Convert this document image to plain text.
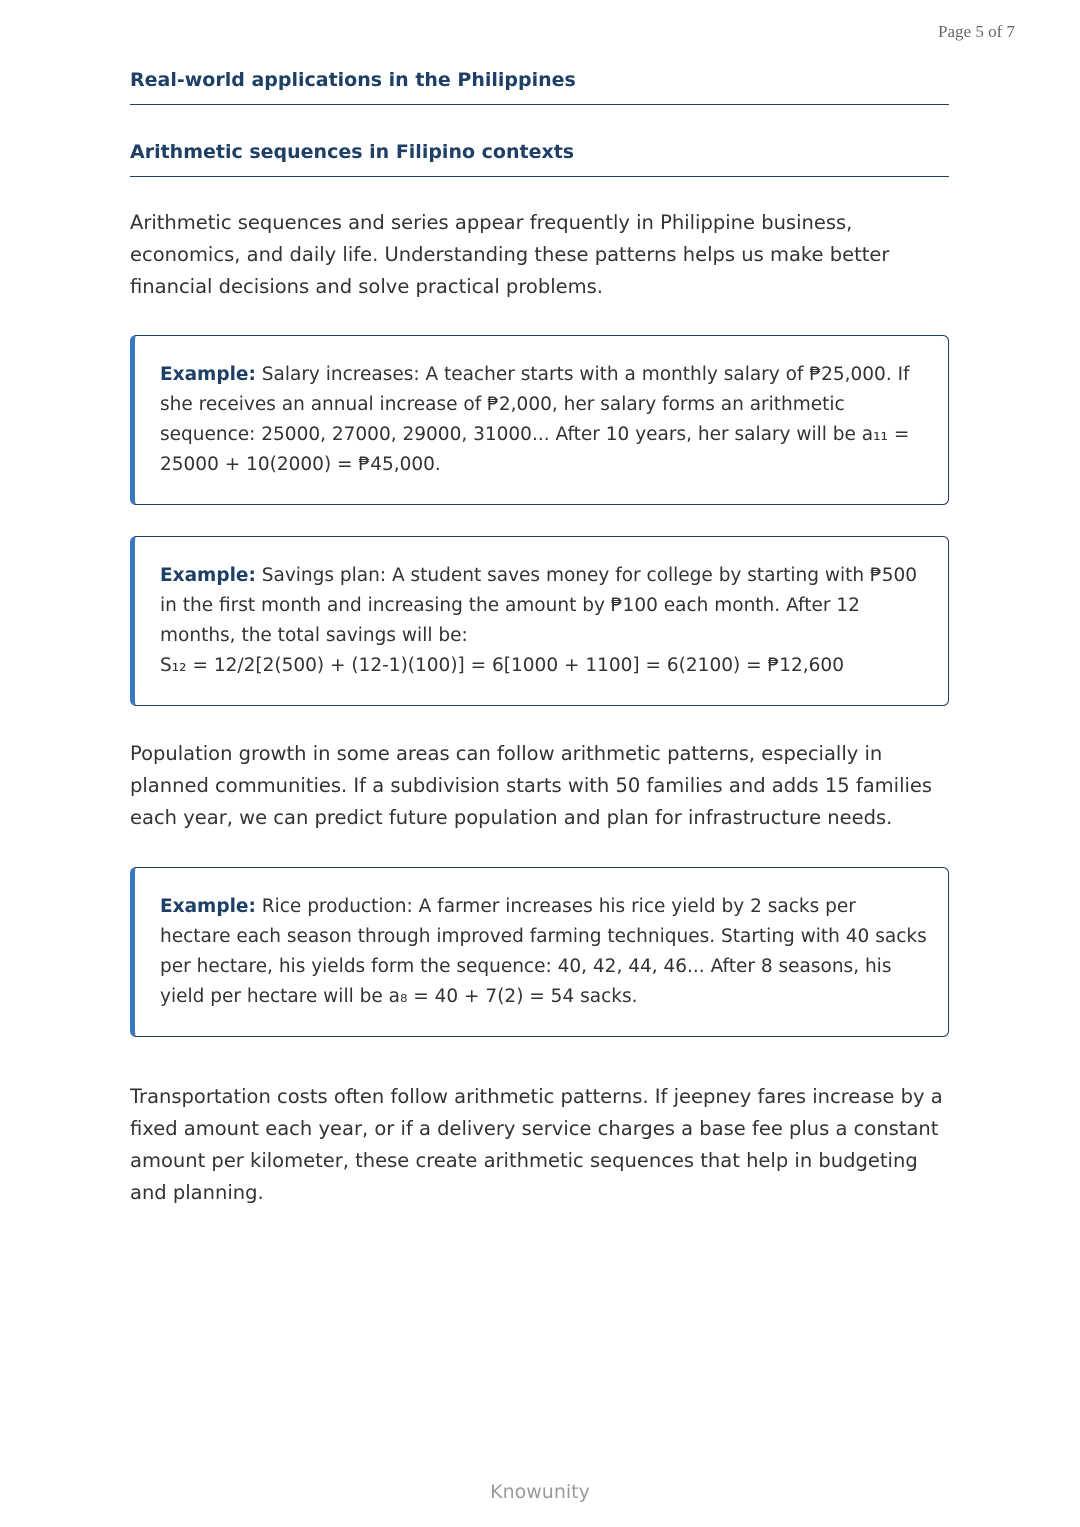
Page 5 of 7
Real-world applications in the Philippines
Arithmetic sequences in Filipino contexts

Arithmetic sequences and series appear frequently in Philippine business, economics, and daily life. Understanding these patterns helps us make better financial decisions and solve practical problems.

Example: Salary increases: A teacher starts with a monthly salary of ₱25,000. If she receives an annual increase of ₱2,000, her salary forms an arithmetic sequence: 25000, 27000, 29000, 31000... After 10 years, her salary will be a₁₁ = 25000 + 10(2000) = ₱45,000.
Example: Savings plan: A student saves money for college by starting with ₱500 in the first month and increasing the amount by ₱100 each month. After 12 months, the total savings will be:
S₁₂ = 12/2[2(500) + (12-1)(100)] = 6[1000 + 1100] = 6(2100) = ₱12,600

Population growth in some areas can follow arithmetic patterns, especially in planned communities. If a subdivision starts with 50 families and adds 15 families each year, we can predict future population and plan for infrastructure needs.

Example: Rice production: A farmer increases his rice yield by 2 sacks per hectare each season through improved farming techniques. Starting with 40 sacks per hectare, his yields form the sequence: 40, 42, 44, 46... After 8 seasons, his yield per hectare will be a₈ = 40 + 7(2) = 54 sacks.

Transportation costs often follow arithmetic patterns. If jeepney fares increase by a fixed amount each year, or if a delivery service charges a base fee plus a constant amount per kilometer, these create arithmetic sequences that help in budgeting and planning.

Knowunity
